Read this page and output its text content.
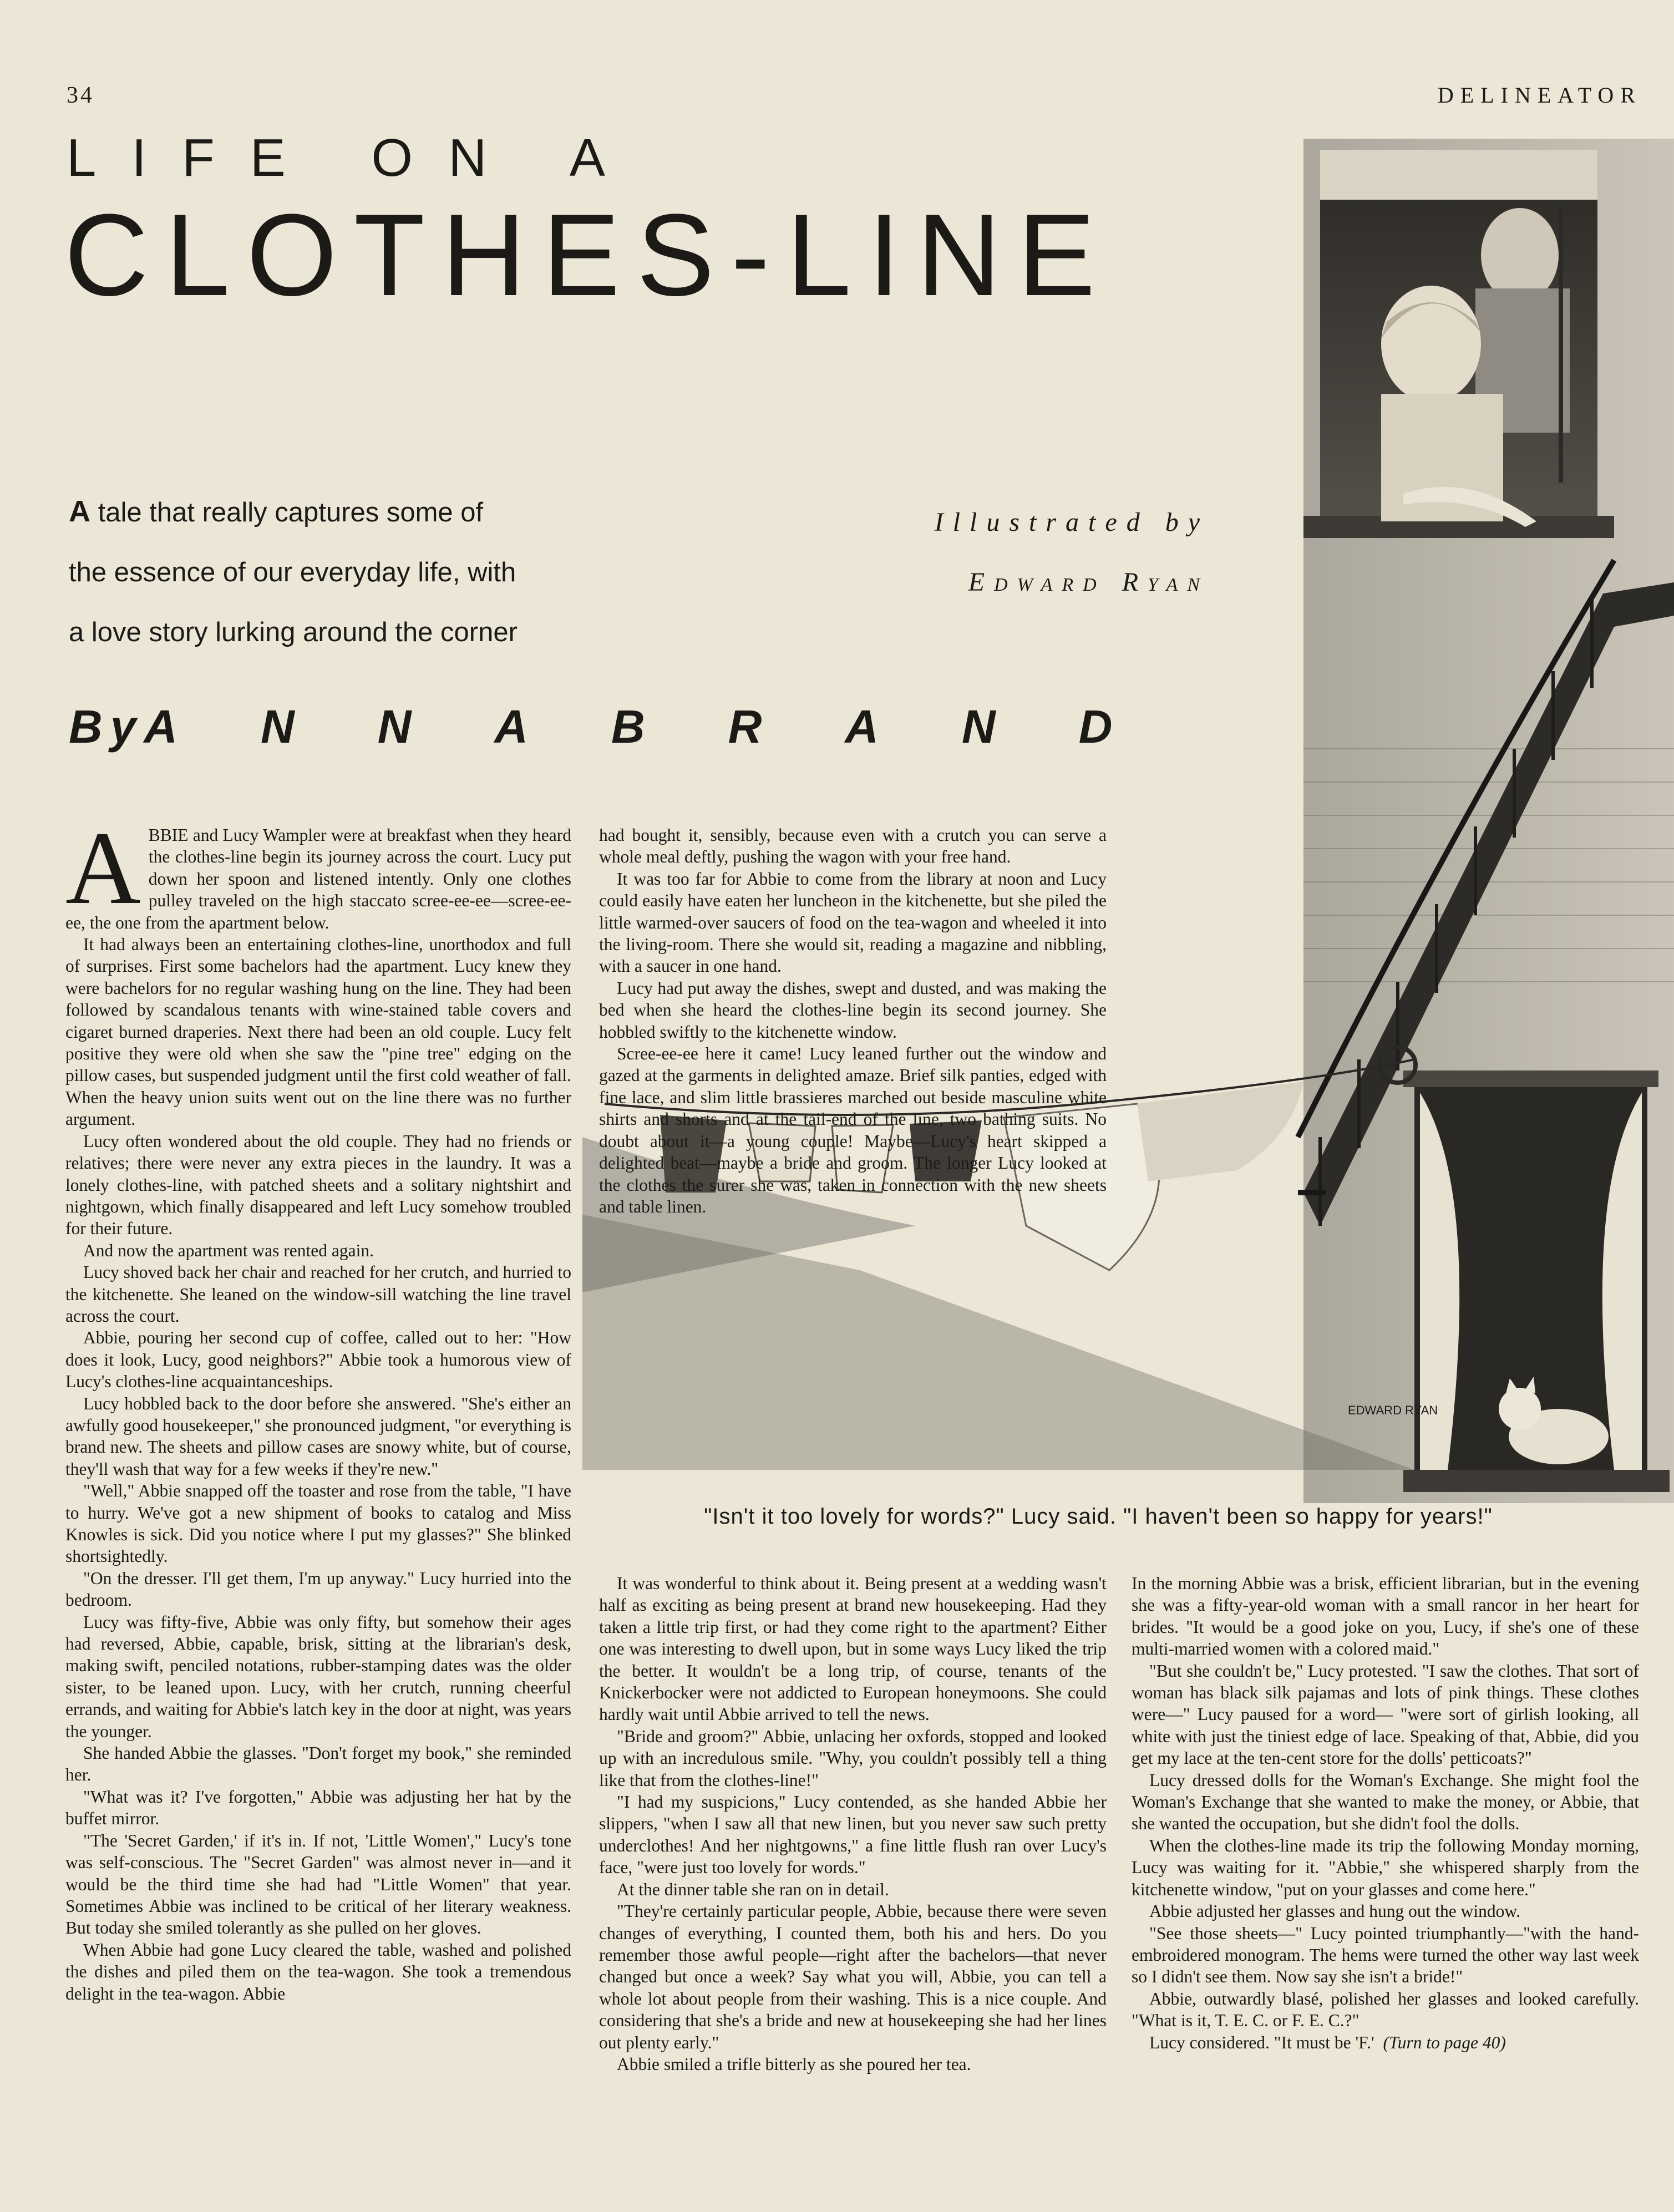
34	DELINEATOR
LIFE ON A
CLOTHES-LINE
A tale that really captures some of
the essence of our everyday life, with
a love story lurking around the corner
Illustrated by
Edward Ryan
By ANNA BRAND
EDWARD RYAN
"Isn't it too lovely for words?" Lucy said. "I haven't been so happy for years!"

ABBIE and Lucy Wampler were at breakfast when they heard the clothes-line begin its journey across the court. Lucy put down her spoon and listened intently. Only one clothes pulley traveled on the high staccato scree-ee-ee—scree-ee-ee, the one from the apartment below.

It had always been an entertaining clothes-line, unorthodox and full of surprises. First some bachelors had the apartment. Lucy knew they were bachelors for no regular washing hung on the line. They had been followed by scandalous tenants with wine-stained table covers and cigaret burned draperies. Next there had been an old couple. Lucy felt positive they were old when she saw the "pine tree" edging on the pillow cases, but suspended judgment until the first cold weather of fall. When the heavy union suits went out on the line there was no further argument.

Lucy often wondered about the old couple. They had no friends or relatives; there were never any extra pieces in the laundry. It was a lonely clothes-line, with patched sheets and a solitary nightshirt and nightgown, which finally disappeared and left Lucy somehow troubled for their future.

And now the apartment was rented again.

Lucy shoved back her chair and reached for her crutch, and hurried to the kitchenette. She leaned on the window-sill watching the line travel across the court.

Abbie, pouring her second cup of coffee, called out to her: "How does it look, Lucy, good neighbors?" Abbie took a humorous view of Lucy's clothes-line acquaintanceships.

Lucy hobbled back to the door before she answered. "She's either an awfully good housekeeper," she pronounced judgment, "or everything is brand new. The sheets and pillow cases are snowy white, but of course, they'll wash that way for a few weeks if they're new."

"Well," Abbie snapped off the toaster and rose from the table, "I have to hurry. We've got a new shipment of books to catalog and Miss Knowles is sick. Did you notice where I put my glasses?" She blinked shortsightedly.

"On the dresser. I'll get them, I'm up anyway." Lucy hurried into the bedroom.

Lucy was fifty-five, Abbie was only fifty, but somehow their ages had reversed, Abbie, capable, brisk, sitting at the librarian's desk, making swift, penciled notations, rubber-stamping dates was the older sister, to be leaned upon. Lucy, with her crutch, running cheerful errands, and waiting for Abbie's latch key in the door at night, was years the younger.

She handed Abbie the glasses. "Don't forget my book," she reminded her.

"What was it? I've forgotten," Abbie was adjusting her hat by the buffet mirror.

"The 'Secret Garden,' if it's in. If not, 'Little Women'," Lucy's tone was self-conscious. The "Secret Garden" was almost never in—and it would be the third time she had had "Little Women" that year. Sometimes Abbie was inclined to be critical of her literary weakness. But today she smiled tolerantly as she pulled on her gloves.

When Abbie had gone Lucy cleared the table, washed and polished the dishes and piled them on the tea-wagon. She took a tremendous delight in the tea-wagon. Abbie

had bought it, sensibly, because even with a crutch you can serve a whole meal deftly, pushing the wagon with your free hand.

It was too far for Abbie to come from the library at noon and Lucy could easily have eaten her luncheon in the kitchenette, but she piled the little warmed-over saucers of food on the tea-wagon and wheeled it into the living-room. There she would sit, reading a magazine and nibbling, with a saucer in one hand.

Lucy had put away the dishes, swept and dusted, and was making the bed when she heard the clothes-line begin its second journey. She hobbled swiftly to the kitchenette window.

Scree-ee-ee here it came! Lucy leaned further out the window and gazed at the garments in delighted amaze. Brief silk panties, edged with fine lace, and slim little brassieres marched out beside masculine white shirts and shorts and at the tail-end of the line, two bathing suits. No doubt about it—a young couple! Maybe—Lucy's heart skipped a delighted beat—maybe a bride and groom. The longer Lucy looked at the clothes the surer she was, taken in connection with the new sheets and table linen.

It was wonderful to think about it. Being present at a wedding wasn't half as exciting as being present at brand new housekeeping. Had they taken a little trip first, or had they come right to the apartment? Either one was interesting to dwell upon, but in some ways Lucy liked the trip the better. It wouldn't be a long trip, of course, tenants of the Knickerbocker were not addicted to European honeymoons. She could hardly wait until Abbie arrived to tell the news.

"Bride and groom?" Abbie, unlacing her oxfords, stopped and looked up with an incredulous smile. "Why, you couldn't possibly tell a thing like that from the clothes-line!"

"I had my suspicions," Lucy contended, as she handed Abbie her slippers, "when I saw all that new linen, but you never saw such pretty underclothes! And her nightgowns," a fine little flush ran over Lucy's face, "were just too lovely for words."

At the dinner table she ran on in detail.

"They're certainly particular people, Abbie, because there were seven changes of everything, I counted them, both his and hers. Do you remember those awful people—right after the bachelors—that never changed but once a week? Say what you will, Abbie, you can tell a whole lot about people from their washing. This is a nice couple. And considering that she's a bride and new at housekeeping she had her lines out plenty early."

Abbie smiled a trifle bitterly as she poured her tea.

In the morning Abbie was a brisk, efficient librarian, but in the evening she was a fifty-year-old woman with a small rancor in her heart for brides. "It would be a good joke on you, Lucy, if she's one of these multi-married women with a colored maid."

"But she couldn't be," Lucy protested. "I saw the clothes. That sort of woman has black silk pajamas and lots of pink things. These clothes were—" Lucy paused for a word— "were sort of girlish looking, all white with just the tiniest edge of lace. Speaking of that, Abbie, did you get my lace at the ten-cent store for the dolls' petticoats?"

Lucy dressed dolls for the Woman's Exchange. She might fool the Woman's Exchange that she wanted to make the money, or Abbie, that she wanted the occupation, but she didn't fool the dolls.

When the clothes-line made its trip the following Monday morning, Lucy was waiting for it. "Abbie," she whispered sharply from the kitchenette window, "put on your glasses and come here."

Abbie adjusted her glasses and hung out the window.

"See those sheets—" Lucy pointed triumphantly—"with the hand-embroidered monogram. The hems were turned the other way last week so I didn't see them. Now say she isn't a bride!"

Abbie, outwardly blasé, polished her glasses and looked carefully. "What is it, T. E. C. or F. E. C.?"

Lucy considered. "It must be 'F.' (Turn to page 40)
